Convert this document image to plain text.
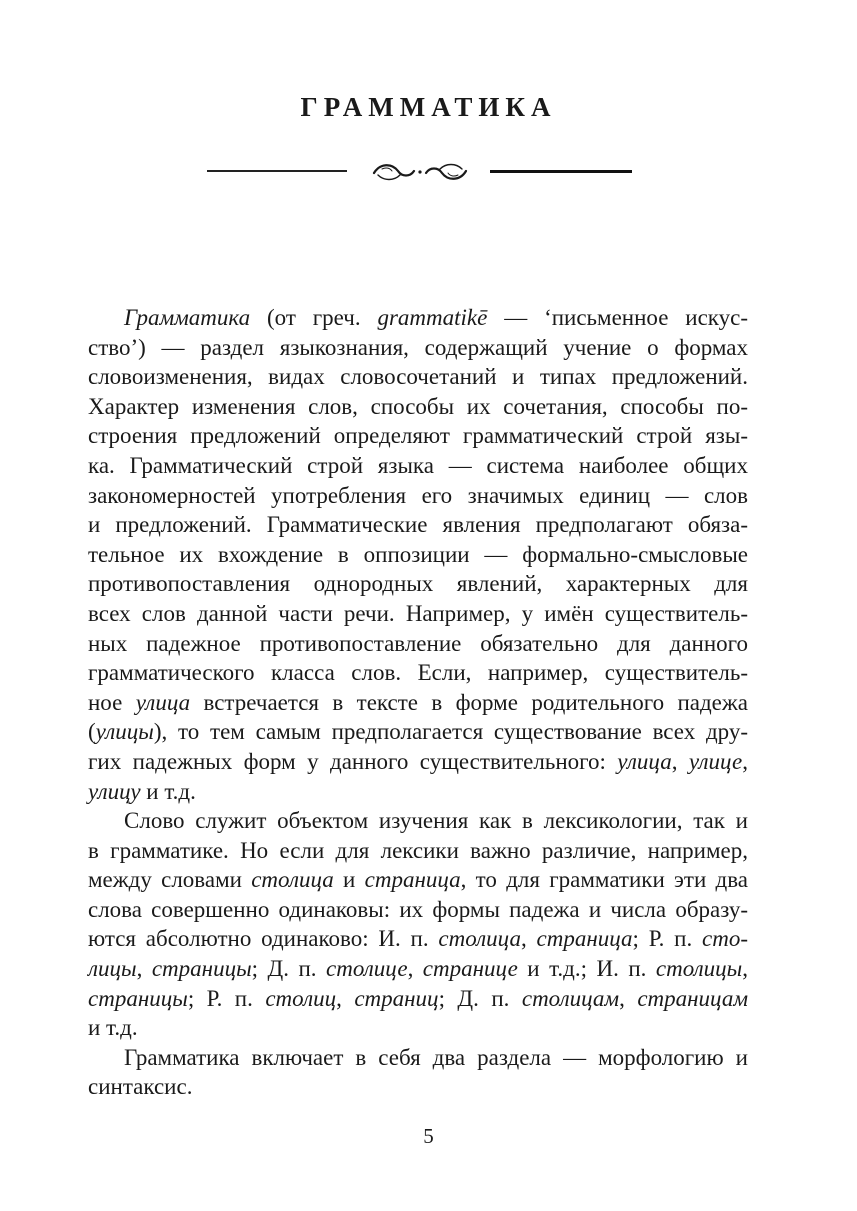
ГРАММАТИКА
Грамматика (от греч. grammatikē — ‘письменное искус-
ство’) — раздел языкознания, содержащий учение о формах
словоизменения, видах словосочетаний и типах предложений.
Характер изменения слов, способы их сочетания, способы по-
строения предложений определяют грамматический строй язы-
ка. Грамматический строй языка — система наиболее общих
закономерностей употребления его значимых единиц — слов
и предложений. Грамматические явления предполагают обяза-
тельное их вхождение в оппозиции — формально-смысловые
противопоставления однородных явлений, характерных для
всех слов данной части речи. Например, у имён существитель-
ных падежное противопоставление обязательно для данного
грамматического класса слов. Если, например, существитель-
ное улица встречается в тексте в форме родительного падежа
(улицы), то тем самым предполагается существование всех дру-
гих падежных форм у данного существительного: улица, улице,
улицу и т.д.
Слово служит объектом изучения как в лексикологии, так и
в грамматике. Но если для лексики важно различие, например,
между словами столица и страница, то для грамматики эти два
слова совершенно одинаковы: их формы падежа и числа образу-
ются абсолютно одинаково: И. п. столица, страница; Р. п. сто-
лицы, страницы; Д. п. столице, странице и т.д.; И. п. столицы,
страницы; Р. п. столиц, страниц; Д. п. столицам, страницам
и т.д.
Грамматика включает в себя два раздела — морфологию и
синтаксис.
5
